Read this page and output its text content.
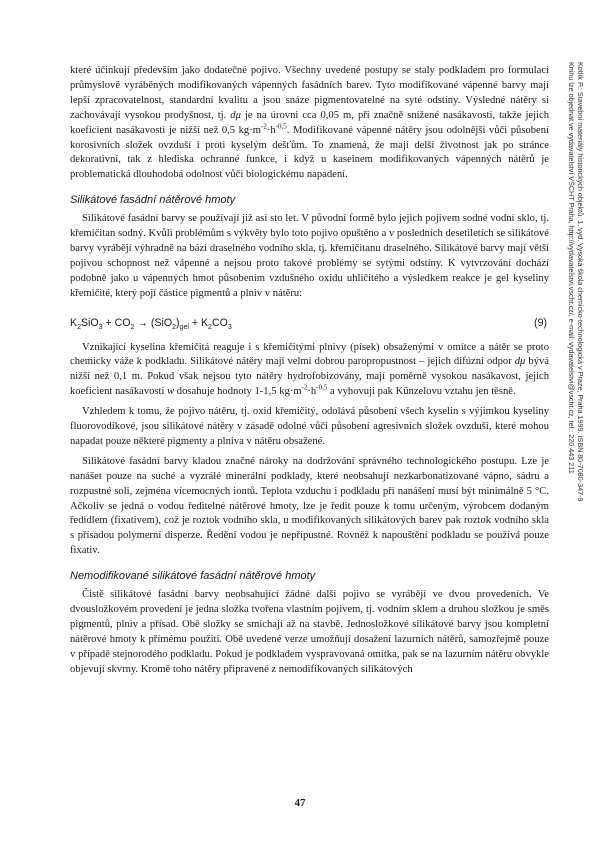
které účinkují především jako dodatečné pojivo. Všechny uvedené postupy se staly podkladem pro formulaci průmyslově vyráběných modifikovaných vápenných fasádních barev. Tyto modifikované vápenné barvy mají lepší zpracovatelnost, standardní kvalitu a jsou snáze pigmentovatelné na syté odstíny. Výsledné nátěry si zachovávají vysokou prodyšnost, tj. dμ je na úrovni cca 0,05 m, při značně snížené nasákavosti, takže jejich koeficient nasákavosti je nižší než 0,5 $kg\cdot m^{-2}\cdot h^{-0,5}$. Modifikované vápenné nátěry jsou odolnější vůči působení korosivních složek ovzduší i proti kyselým dešťům. To znamená, že mají delší životnost jak po stránce dekorativní, tak z hlediska ochranné funkce, i když u kaseinem modifikovaných vápenných nátěrů je problematická dlouhodobá odolnost vůči biologickému napadení.

Silikátové fasádní nátěrové hmoty

Silikátové fasádní barvy se používají již asi sto let. V původní formě bylo jejich pojivem sodné vodní sklo, tj. křemičitan sodný. Kvůli problémům s výkvěty bylo toto pojivo opuštěno a v posledních desetiletích se silikátové barvy vyrábějí výhradně na bázi draselného vodního skla, tj. křemičitanu draselného. Silikátové barvy mají větší pojivou schopnost než vápenné a nejsou proto takové problémy se sytými odstíny. K vytvrzování dochází podobně jako u vápenných hmot působením vzdušného oxidu uhličitého a výsledkem reakce je gel kyseliny křemičité, který pojí částice pigmentů a plniv v nátěru:

$K_2SiO_3 + CO_2 \to (SiO_2)_{gel} + K_2CO_3$	(9)

Vznikající kyselina křemičitá reaguje i s křemičitými plnivy (písek) obsaženými v omítce a nátěr se proto chemicky váže k podkladu. Silikátové nátěry mají velmi dobrou paropropustnost – jejich difúzní odpor dμ bývá nižší než 0,1 m. Pokud však nejsou tyto nátěry hydrofobizovány, mají poměrně vysokou nasákavost, jejich koeficient nasákavosti w dosahuje hodnoty 1-1,5 $kg\cdot m^{-2}\cdot h^{-0,5}$ a vyhovují pak Künzelovu vztahu jen těsně.

Vzhledem k tomu, že pojivo nátěru, tj. oxid křemičitý, odolává působení všech kyselin s výjimkou kyseliny fluorovodíkové, jsou silikátové nátěry v zásadě odolné vůči působení agresivních složek ovzduší, které mohou napadat pouze některé pigmenty a plniva v nátěru obsažené.

Silikátové fasádní barvy kladou značné nároky na dodržování správného technologického postupu. Lze je nanášet pouze na suché a vyzrálé minerální podklady, které neobsahují nezkarbonatizované vápno, sádru a rozpustné soli, zejména vícemocných iontů. Teplota vzduchu i podkladu při nanášení musí být minimálně 5 °C. Ačkoliv se jedná o vodou ředitelné nátěrové hmoty, lze je ředit pouze k tomu určeným, výrobcem dodaným ředidlem (fixativem), což je roztok vodního skla, u modifikovaných silikátových barev pak roztok vodního skla s přísadou polymerní disperze. Ředění vodou je nepřípustné. Rovněž k napouštění podkladu se používá pouze fixativ.

Nemodifikované silikátové fasádní nátěrové hmoty

Čistě silikátové fasádní barvy neobsahující žádné další pojivo se vyrábějí ve dvou provedeních. Ve dvousložkovém provedení je jedna složka tvořena vlastním pojivem, tj. vodním sklem a druhou složkou je směs pigmentů, plniv a přísad. Obě složky se smíchají až na stavbě. Jednosložkové silikátové barvy jsou kompletní nátěrové hmoty k přímému použití. Obě uvedené verze umožňují dosažení lazurních nátěrů, samozřejmě pouze v případě stejnorodého podkladu. Pokud je podkladem vyspravovaná omítka, pak se na lazurním nátěru obvykle objevují skvrny. Kromě toho nátěry připravené z nemodifikovaných silikátových

Kotlík P.: Stavební materiály historických objektů. 1. vyd. Vysoká škola chemicko-technologická v Praze, Praha 1999. ISBN 80-7080-347-9
Knihu lze objednat ve vydavatelství VŠCHT Praha, http://vydavatelstvi.vscht.cz/, e-mail: vydavatelstvi@vscht.cz, tel.: 220 443 211
47
